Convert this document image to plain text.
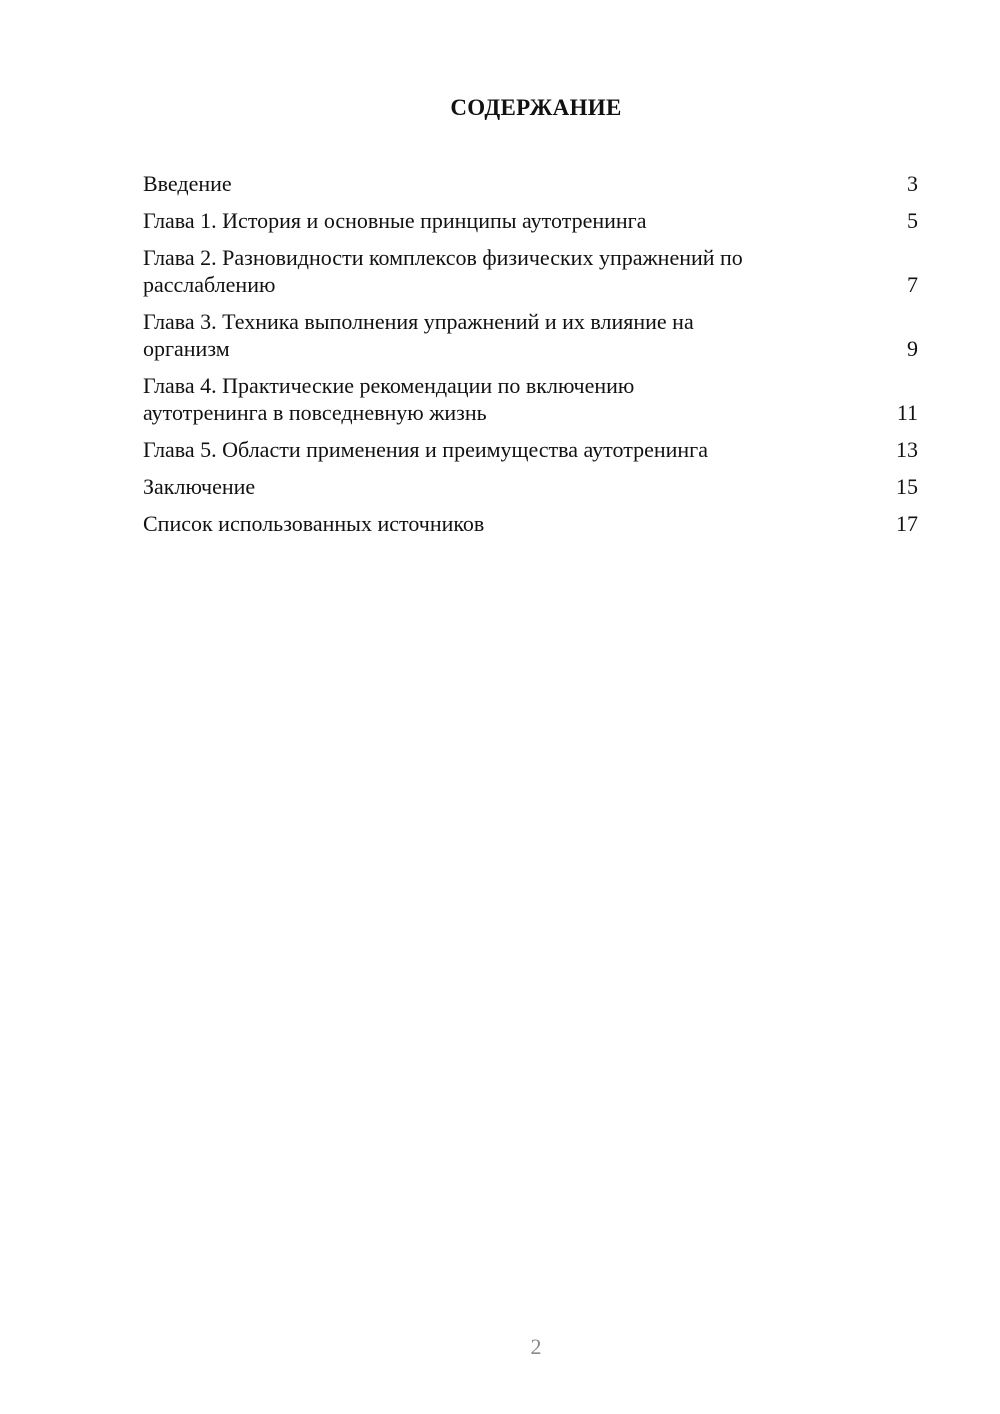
СОДЕРЖАНИЕ
Введение	3
Глава 1. История и основные принципы аутотренинга	5
Глава 2. Разновидности комплексов физических упражнений по
расслаблению	7
Глава 3. Техника выполнения упражнений и их влияние на
организм	9
Глава 4. Практические рекомендации по включению
аутотренинга в повседневную жизнь	11
Глава 5. Области применения и преимущества аутотренинга	13
Заключение	15
Список использованных источников	17
2
